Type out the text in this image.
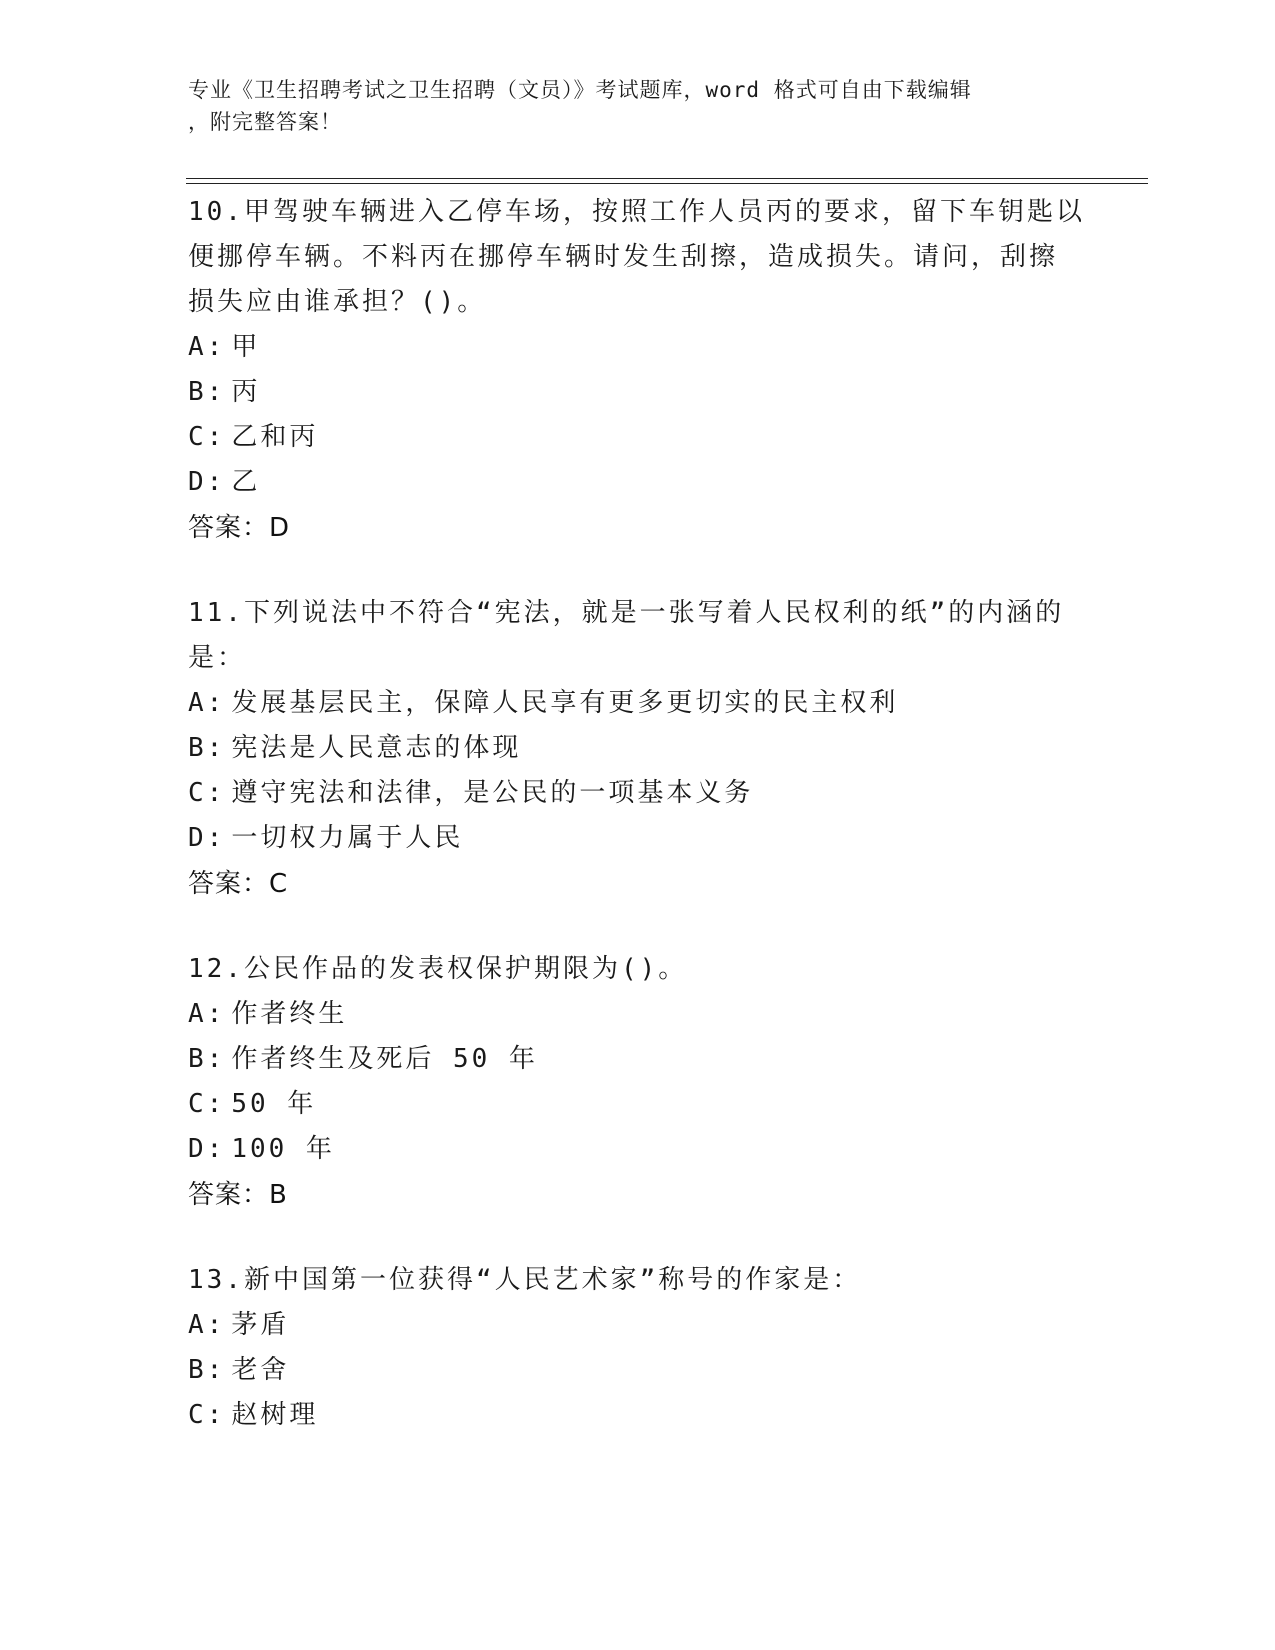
专业《卫生招聘考试之卫生招聘（文员）》考试题库，word 格式可自由下载编辑
，附完整答案！
10.甲驾驶车辆进入乙停车场，按照工作人员丙的要求，留下车钥匙以
便挪停车辆。不料丙在挪停车辆时发生刮擦，造成损失。请问，刮擦
损失应由谁承担？()。
A: 甲
B: 丙
C: 乙和丙
D: 乙
答案：D
11.下列说法中不符合“宪法，就是一张写着人民权利的纸”的内涵的
是：
A: 发展基层民主，保障人民享有更多更切实的民主权利
B: 宪法是人民意志的体现
C: 遵守宪法和法律，是公民的一项基本义务
D: 一切权力属于人民
答案：C
12.公民作品的发表权保护期限为()。
A: 作者终生
B: 作者终生及死后 50 年
C: 50 年
D: 100 年
答案：B
13.新中国第一位获得“人民艺术家”称号的作家是：
A: 茅盾
B: 老舍
C: 赵树理
